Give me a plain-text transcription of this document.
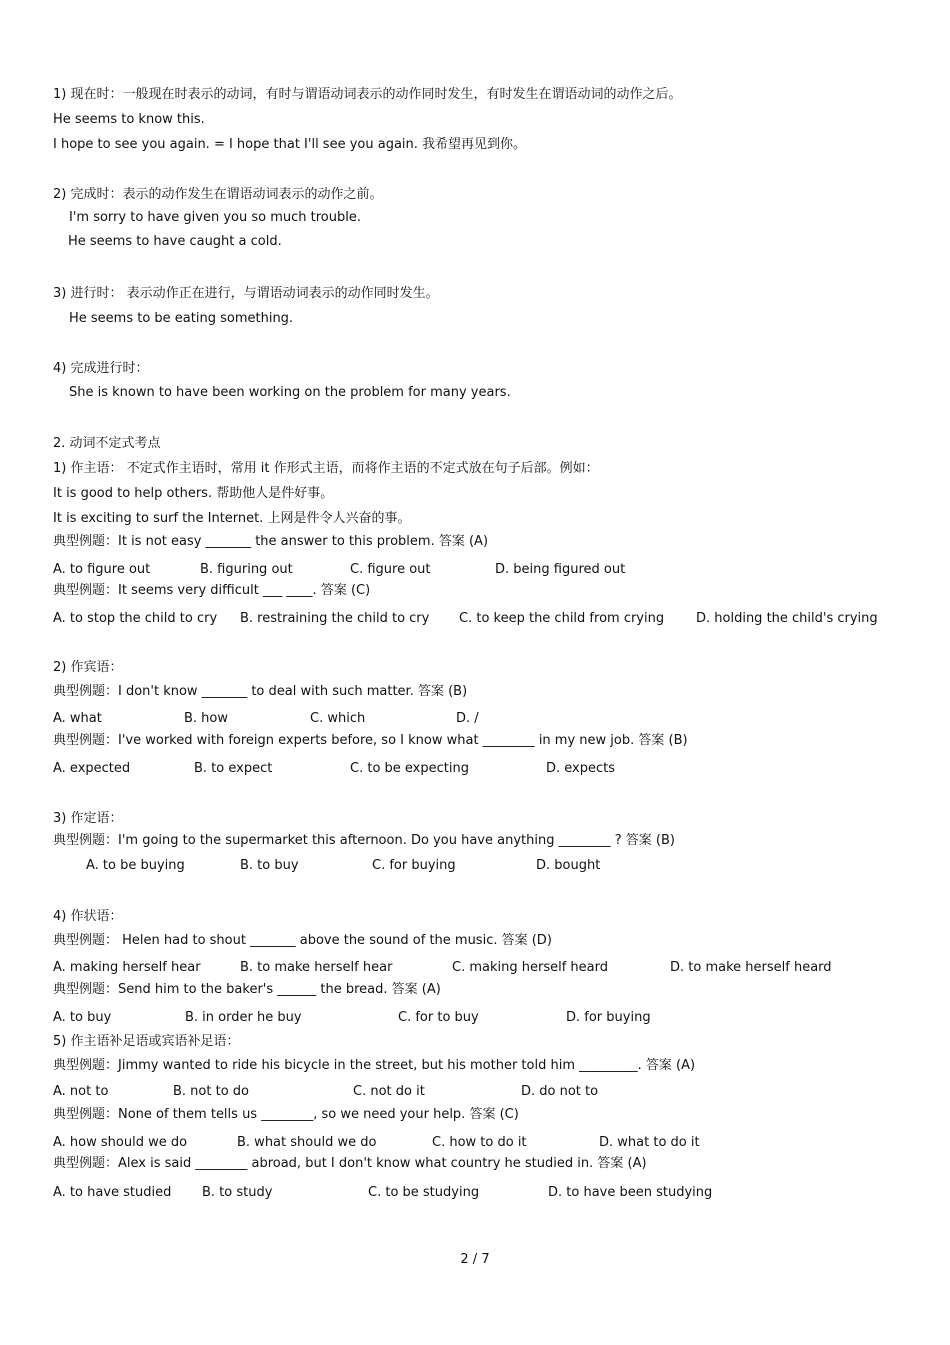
1) 现在时：一般现在时表示的动词，有时与谓语动词表示的动作同时发生，有时发生在谓语动词的动作之后。
He seems to know this.
I hope to see you again. = I hope that I'll see you again. 我希望再见到你。
2) 完成时：表示的动作发生在谓语动词表示的动作之前。
I'm sorry to have given you so much trouble.
He seems to have caught a cold.
3) 进行时： 表示动作正在进行，与谓语动词表示的动作同时发生。
He seems to be eating something.
4) 完成进行时：
She is known to have been working on the problem for many years.
2. 动词不定式考点
1) 作主语： 不定式作主语时，常用 it 作形式主语，而将作主语的不定式放在句子后部。例如：
It is good to help others. 帮助他人是件好事。
It is exciting to surf the Internet. 上网是件令人兴奋的事。
典型例题：It is not easy _______ the answer to this problem. 答案 (A)
A. to figure out	B. figuring out	C. figure out	D. being figured out
典型例题：It seems very difficult ___ ____. 答案 (C)
A. to stop the child to cry B. restraining the child to cry C. to keep the child from crying D. holding the child's crying
2) 作宾语：
典型例题：I don't know _______ to deal with such matter. 答案 (B)
A. what	B. how	C. which	D. /
典型例题：I've worked with foreign experts before, so I know what ________ in my new job. 答案 (B)
A. expected	B. to expect	C. to be expecting	D. expects
3) 作定语：
典型例题：I'm going to the supermarket this afternoon. Do you have anything ________ ? 答案 (B)
A. to be buying	B. to buy	C. for buying	D. bought
4) 作状语：
典型例题： Helen had to shout _______ above the sound of the music. 答案 (D)
A. making herself hear	B. to make herself hear	C. making herself heard	D. to make herself heard
典型例题：Send him to the baker's ______ the bread. 答案 (A)
A. to buy	B. in order he buy	C. for to buy	D. for buying
5) 作主语补足语或宾语补足语：
典型例题：Jimmy wanted to ride his bicycle in the street, but his mother told him _________. 答案 (A)
A. not to	B. not to do	C. not do it	D. do not to
典型例题：None of them tells us ________, so we need your help. 答案 (C)
A. how should we do	B. what should we do	C. how to do it	D. what to do it
典型例题：Alex is said ________ abroad, but I don't know what country he studied in. 答案 (A)
A. to have studied B. to study	C. to be studying	D. to have been studying
2 / 7
